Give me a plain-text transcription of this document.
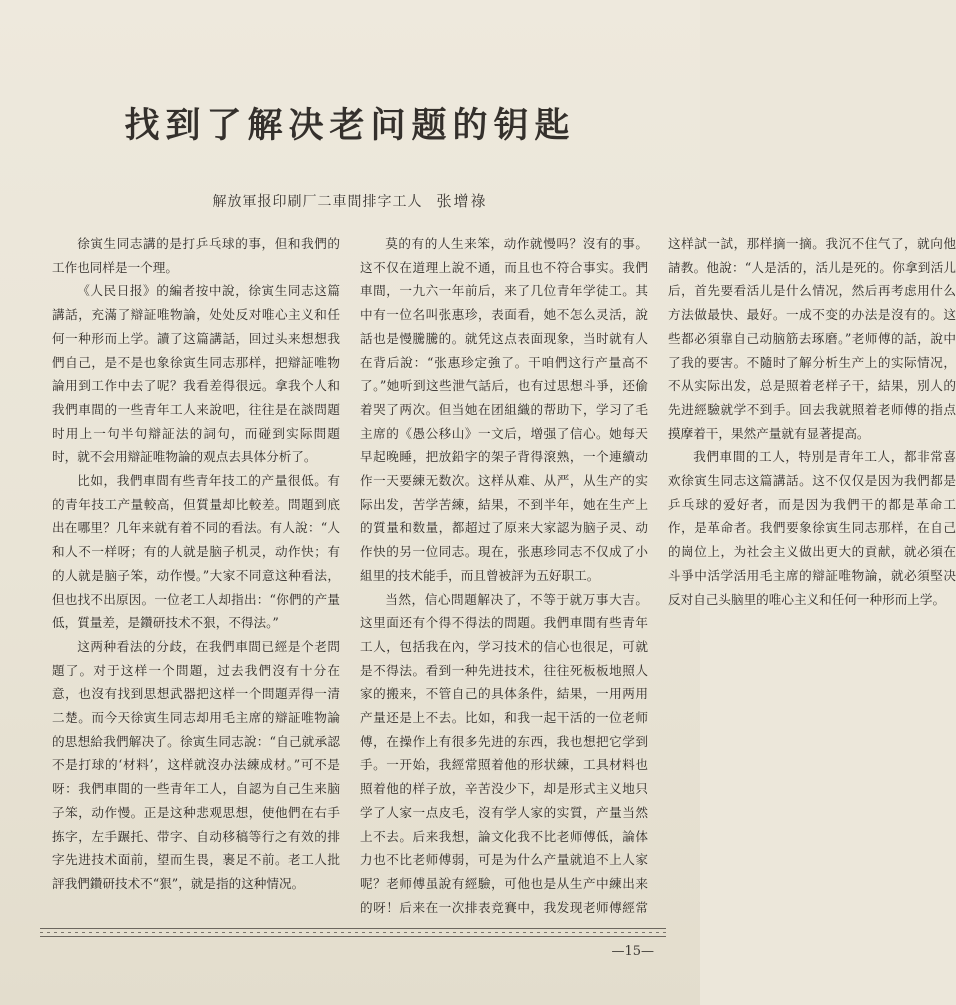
找到了解决老问题的钥匙
解放軍报印刷厂二車間排字工人 张增祿

徐寅生同志講的是打乒乓球的事，但和我們的工作也同样是一个理。

《人民日报》的編者按中說，徐寅生同志这篇講話，充滿了辯証唯物論，处处反对唯心主义和任何一种形而上学。讀了这篇講話，回过头来想想我們自己，是不是也象徐寅生同志那样，把辯証唯物論用到工作中去了呢？我看差得很远。拿我个人和我們車間的一些青年工人来說吧，往往是在談問題时用上一句半句辯証法的詞句，而碰到实际問題时，就不会用辯証唯物論的观点去具体分析了。

比如，我們車間有些青年技工的产量很低。有的青年技工产量較高，但質量却比較差。問題到底出在哪里？几年来就有着不同的看法。有人說：“人和人不一样呀；有的人就是脑子机灵，动作快；有的人就是脑子笨，动作慢。”大家不同意这种看法，但也找不出原因。一位老工人却指出：“你們的产量低，質量差，是鑽研技术不狠，不得法。”

这两种看法的分歧，在我們車間已經是个老問題了。对于这样一个問題，过去我們沒有十分在意，也沒有找到思想武器把这样一个問題弄得一清二楚。而今天徐寅生同志却用毛主席的辯証唯物論的思想給我們解决了。徐寅生同志說：“自己就承認不是打球的‘材料’，这样就沒办法練成材。”可不是呀：我們車間的一些青年工人，自認为自己生来脑子笨，动作慢。正是这种悲观思想，使他們在右手拣字，左手蹍托、带字、自动移稿等行之有效的排字先进技术面前，望而生畏，裹足不前。老工人批評我們鑽研技术不“狠”，就是指的这种情况。

莫的有的人生来笨，动作就慢吗？沒有的事。这不仅在道理上說不通，而且也不符合事实。我們車間，一九六一年前后，来了几位青年学徒工。其中有一位名叫张惠珍，表面看，她不怎么灵活，說話也是慢騰騰的。就凭这点表面现象，当时就有人在背后說：“张惠珍定強了。干咱們这行产量高不了。”她听到这些泄气話后，也有过思想斗爭，还偷着哭了两次。但当她在团組織的帮助下，学习了毛主席的《愚公移山》一文后，增强了信心。她每天早起晚睡，把放鉛字的架子背得滾熟，一个連續动作一天要練无数次。这样从难、从严，从生产的实际出发，苦学苦練，結果，不到半年，她在生产上的質量和数量，都超过了原来大家認为脑子灵、动作快的另一位同志。現在，张惠珍同志不仅成了小組里的技术能手，而且曾被評为五好职工。

当然，信心問題解决了，不等于就万事大吉。这里面还有个得不得法的問題。我們車間有些青年工人，包括我在內，学习技术的信心也很足，可就是不得法。看到一种先进技术，往往死板板地照人家的搬来，不管自己的具体条件，結果，一用两用产量还是上不去。比如，和我一起干活的一位老师傅，在操作上有很多先进的东西，我也想把它学到手。一开始，我經常照着他的形状練，工具材料也照着他的样子放，辛苦没少下，却是形式主义地只学了人家一点皮毛，沒有学人家的实質，产量当然上不去。后来我想，論文化我不比老师傅低，論体力也不比老师傅弱，可是为什么产量就追不上人家呢？老师傅虽說有經驗，可他也是从生产中練出来的呀！后来在一次排表竞賽中，我发现老师傅經常这样試一試，那样摘一摘。我沉不住气了，就向他請教。他說：“人是活的，活儿是死的。你拿到活儿后，首先要看活儿是什么情况，然后再考虑用什么方法做最快、最好。一成不变的办法是沒有的。这些都必須靠自己动脑筋去琢磨。”老师傅的話，說中了我的要害。不隨时了解分析生产上的实际情况，不从实际出发，总是照着老样子干，結果，別人的先进經驗就学不到手。回去我就照着老师傅的指点摸摩着干，果然产量就有显著提高。

我們車間的工人，特別是青年工人，都非常喜欢徐寅生同志这篇講話。这不仅仅是因为我們都是乒乓球的爱好者，而是因为我們干的都是革命工作，是革命者。我們要象徐寅生同志那样，在自己的崗位上，为社会主义做出更大的貢献，就必須在斗爭中活学活用毛主席的辯証唯物論，就必須堅决反对自己头脑里的唯心主义和任何一种形而上学。

—15—
